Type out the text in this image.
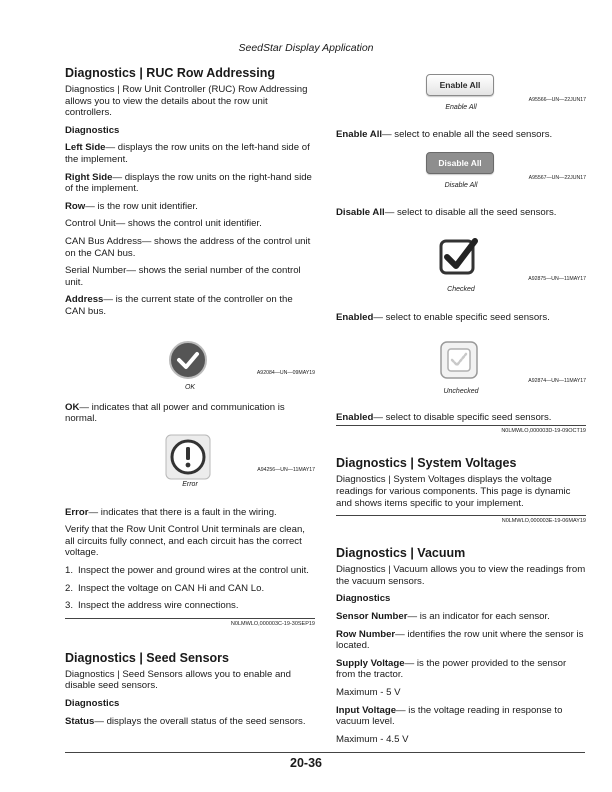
SeedStar Display Application
Diagnostics | RUC Row Addressing

Diagnostics | Row Unit Controller (RUC) Row Addressing allows you to view the details about the row unit controllers.

Diagnostics

Left Side— displays the row units on the left-hand side of the implement.

Right Side— displays the row units on the right-hand side of the implement.

Row— is the row unit identifier.

Control Unit— shows the control unit identifier.

CAN Bus Address— shows the address of the control unit on the CAN bus.

Serial Number— shows the serial number of the control unit.

Address— is the current state of the controller on the CAN bus.

A92084—UN—09MAY19
OK

OK— indicates that all power and communication is normal.

A94256—UN—11MAY17
Error

Error— indicates that there is a fault in the wiring.

Verify that the Row Unit Control Unit terminals are clean, all circuits fully connect, and each circuit has the correct voltage.

1. Inspect the power and ground wires at the control unit.
2. Inspect the voltage on CAN Hi and CAN Lo.
3. Inspect the address wire connections.
N0LMWLO,000003C-19-30SEP19
Diagnostics | Seed Sensors

Diagnostics | Seed Sensors allows you to enable and disable seed sensors.

Diagnostics

Status— displays the overall status of the seed sensors.

Enable All
A95566—UN—22JUN17
Enable All

Enable All— select to enable all the seed sensors.

Disable All
A95567—UN—22JUN17
Disable All

Disable All— select to disable all the seed sensors.

A92875—UN—11MAY17
Checked

Enabled— select to enable specific seed sensors.

A92874—UN—11MAY17
Unchecked

Enabled— select to disable specific seed sensors.

N0LMWLO,000003D-19-09OCT19
Diagnostics | System Voltages

Diagnostics | System Voltages displays the voltage readings for various components. This page is dynamic and shows items specific to your implement.

N0LMWLO,000003E-19-06MAY19
Diagnostics | Vacuum

Diagnostics | Vacuum allows you to view the readings from the vacuum sensors.

Diagnostics

Sensor Number— is an indicator for each sensor.

Row Number— identifies the row unit where the sensor is located.

Supply Voltage— is the power provided to the sensor from the tractor.

Maximum - 5 V

Input Voltage— is the voltage reading in response to vacuum level.

Maximum - 4.5 V

20-36
